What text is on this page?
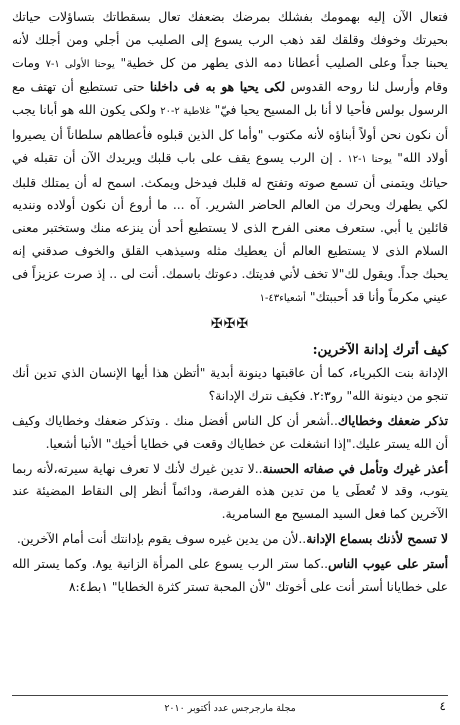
فتعال الآن إليه بهمومك بفشلك بمرضك بضعفك تعال بسقطاتك بتساؤلات حياتك بحيرتك وخوفك وقلقك لقد ذهب الرب يسوع إلى الصليب من أجلي ومن أجلك لأنه يحبنا جداً وعلى الصليب أعطانا دمه الذى يطهر من كل خطية" يوحنا الأولى ١-٧ ومات وقام وأرسل لنا روحه القدوس لكى يحيا هو به فى داخلنا حتى تستطيع أن تهتف مع الرسول بولس فأحيا لا أنا بل المسيح يحيا فيّ" غلاطية ٢-٢٠ ولكى يكون الله هو أبانا يجب أن نكون نحن أولاً أبناؤه لأنه مكتوب "وأما كل الذين قبلوه فأعطاهم سلطاناً أن يصيروا أولاد الله" يوحنا ١-١٢ . إن الرب يسوع يقف على باب قلبك ويريدك الآن أن تقبله في حياتك ويتمنى أن تسمع صوته وتفتح له قلبك فيدخل ويمكث. اسمح له أن يمتلك قلبك لكي يطهرك ويحرك من العالم الحاضر الشرير. آه ... ما أروع أن نكون أولاده وننديه قائلين يا أبي. ستعرف معنى الفرح الذى لا يستطيع أحد أن ينزعه منك وستختبر معنى السلام الذى لا يستطيع العالم أن يعطيك مثله وسيذهب القلق والخوف صدقني إنه يحبك جداً. ويقول لك"لا تخف لأني فديتك. دعوتك باسمك. أنت لى .. إذ صرت عزيزاً فى عيني مكرماً وأنا قد أحببتك" أشعياء٤٣-١

✠✠✠
كيف أترك إدانة الآخرين:

الإدانة بنت الكبرياء، كما أن عاقبتها دينونة أبدية "أتظن هذا أيها الإنسان الذي تدين أنك تنجو من دينونة الله" رو٢:٣. فكيف نترك الإدانة؟

تذكر ضعفك وخطاياك..أشعر أن كل الناس أفضل منك . وتذكر ضعفك وخطاياك وكيف أن الله يستر عليك."إذا انشغلت عن خطاياك وقعت في خطايا أخيك" الأنبا أشعيا.

أعذر غيرك وتأمل في صفاته الحسنة..لا تدين غيرك لأنك لا تعرف نهاية سيرته،لأنه ربما يتوب، وقد لا تُعطَى يا من تدين هذه الفرصة، ودائماً أنظر إلى النقاط المضيئة عند الآخرين كما فعل السيد المسيح مع السامرية.

لا تسمح لأذنك بسماع الإدانة..لأن من يدين غيره سوف يقوم بإدانتك أنت أمام الآخرين.

أستر على عيوب الناس..كما ستر الرب يسوع على المرأة الزانية يو٨. وكما يستر الله على خطايانا أستر أنت على أخوتك "لأن المحبة تستر كثرة الخطايا" ١بط٨:٤

٤
مجلة مارجرجس عدد أكتوبر ٢٠١٠
